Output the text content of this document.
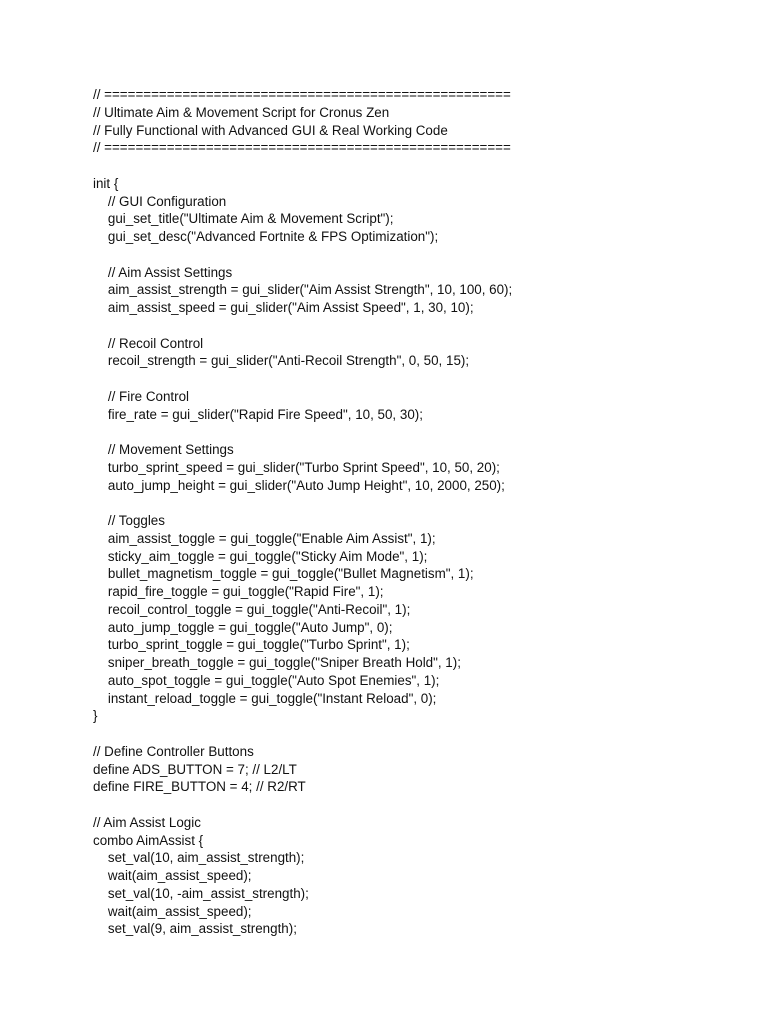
// ====================================================
// Ultimate Aim & Movement Script for Cronus Zen
// Fully Functional with Advanced GUI & Real Working Code
// ====================================================
init {
// GUI Configuration
gui_set_title("Ultimate Aim & Movement Script");
gui_set_desc("Advanced Fortnite & FPS Optimization");
// Aim Assist Settings
aim_assist_strength = gui_slider("Aim Assist Strength", 10, 100, 60);
aim_assist_speed = gui_slider("Aim Assist Speed", 1, 30, 10);
// Recoil Control
recoil_strength = gui_slider("Anti-Recoil Strength", 0, 50, 15);
// Fire Control
fire_rate = gui_slider("Rapid Fire Speed", 10, 50, 30);
// Movement Settings
turbo_sprint_speed = gui_slider("Turbo Sprint Speed", 10, 50, 20);
auto_jump_height = gui_slider("Auto Jump Height", 10, 2000, 250);
// Toggles
aim_assist_toggle = gui_toggle("Enable Aim Assist", 1);
sticky_aim_toggle = gui_toggle("Sticky Aim Mode", 1);
bullet_magnetism_toggle = gui_toggle("Bullet Magnetism", 1);
rapid_fire_toggle = gui_toggle("Rapid Fire", 1);
recoil_control_toggle = gui_toggle("Anti-Recoil", 1);
auto_jump_toggle = gui_toggle("Auto Jump", 0);
turbo_sprint_toggle = gui_toggle("Turbo Sprint", 1);
sniper_breath_toggle = gui_toggle("Sniper Breath Hold", 1);
auto_spot_toggle = gui_toggle("Auto Spot Enemies", 1);
instant_reload_toggle = gui_toggle("Instant Reload", 0);
}
// Define Controller Buttons
define ADS_BUTTON = 7; // L2/LT
define FIRE_BUTTON = 4; // R2/RT
// Aim Assist Logic
combo AimAssist {
set_val(10, aim_assist_strength);
wait(aim_assist_speed);
set_val(10, -aim_assist_strength);
wait(aim_assist_speed);
set_val(9, aim_assist_strength);
